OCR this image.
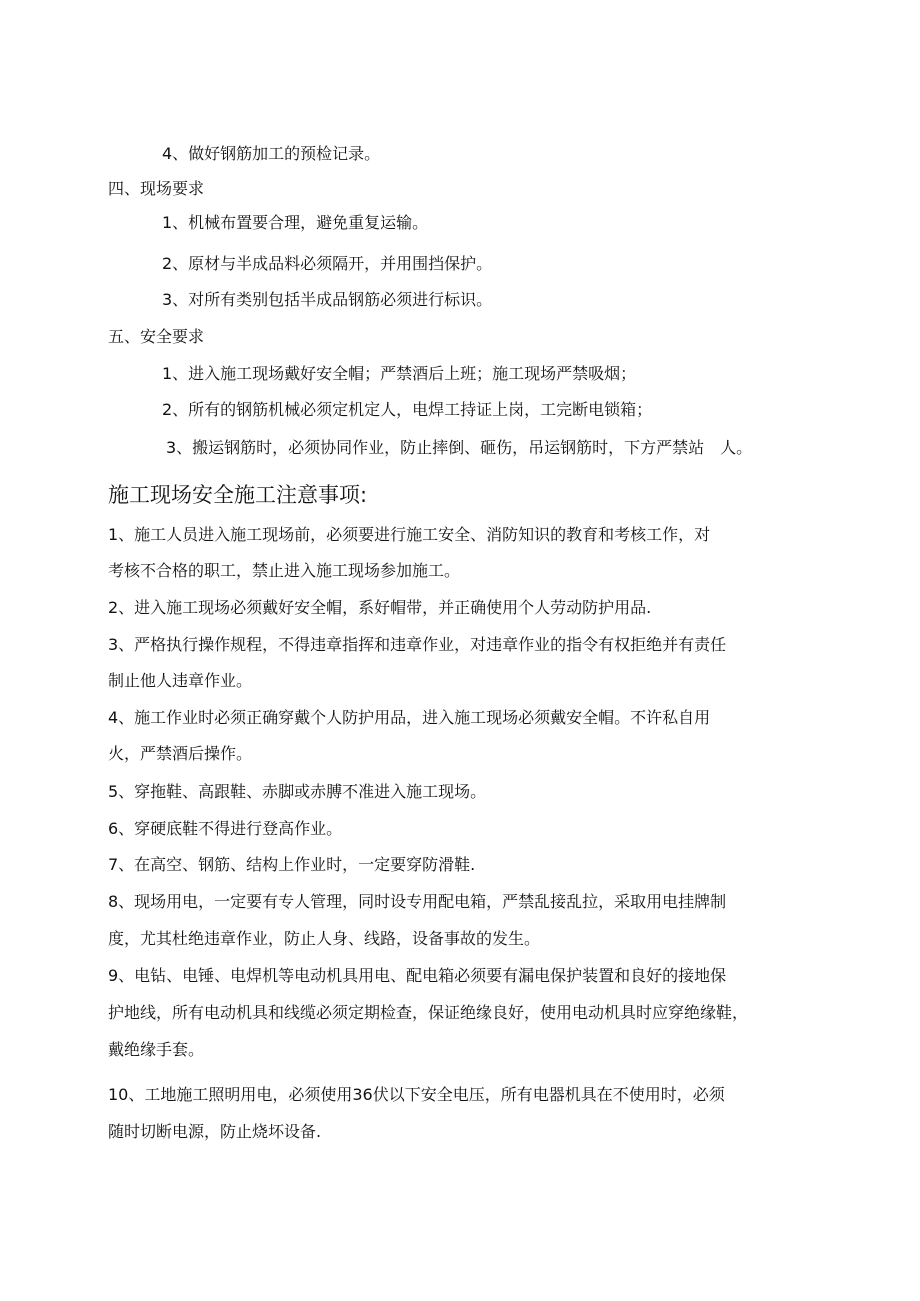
4、做好钢筋加工的预检记录。
四、现场要求
1、机械布置要合理，避免重复运输。
2、原材与半成品料必须隔开，并用围挡保护。
3、对所有类别包括半成品钢筋必须进行标识。
五、安全要求
1、进入施工现场戴好安全帽；严禁酒后上班；施工现场严禁吸烟；
2、所有的钢筋机械必须定机定人，电焊工持证上岗，工完断电锁箱；
3、搬运钢筋时，必须协同作业，防止摔倒、砸伤，吊运钢筋时，下方严禁站　人。
施工现场安全施工注意事项:
1、施工人员进入施工现场前，必须要进行施工安全、消防知识的教育和考核工作，对
考核不合格的职工，禁止进入施工现场参加施工。
2、进入施工现场必须戴好安全帽，系好帽带，并正确使用个人劳动防护用品.
3、严格执行操作规程，不得违章指挥和违章作业，对违章作业的指令有权拒绝并有责任
制止他人违章作业。
4、施工作业时必须正确穿戴个人防护用品，进入施工现场必须戴安全帽。不许私自用
火，严禁酒后操作。
5、穿拖鞋、高跟鞋、赤脚或赤膊不准进入施工现场。
6、穿硬底鞋不得进行登高作业。
7、在高空、钢筋、结构上作业时，一定要穿防滑鞋.
8、现场用电，一定要有专人管理，同时设专用配电箱，严禁乱接乱拉，采取用电挂牌制
度，尤其杜绝违章作业，防止人身、线路，设备事故的发生。
9、电钻、电锤、电焊机等电动机具用电、配电箱必须要有漏电保护装置和良好的接地保
护地线，所有电动机具和线缆必须定期检查，保证绝缘良好，使用电动机具时应穿绝缘鞋，
戴绝缘手套。
10、工地施工照明用电，必须使用36伏以下安全电压，所有电器机具在不使用时，必须
随时切断电源，防止烧坏设备.
